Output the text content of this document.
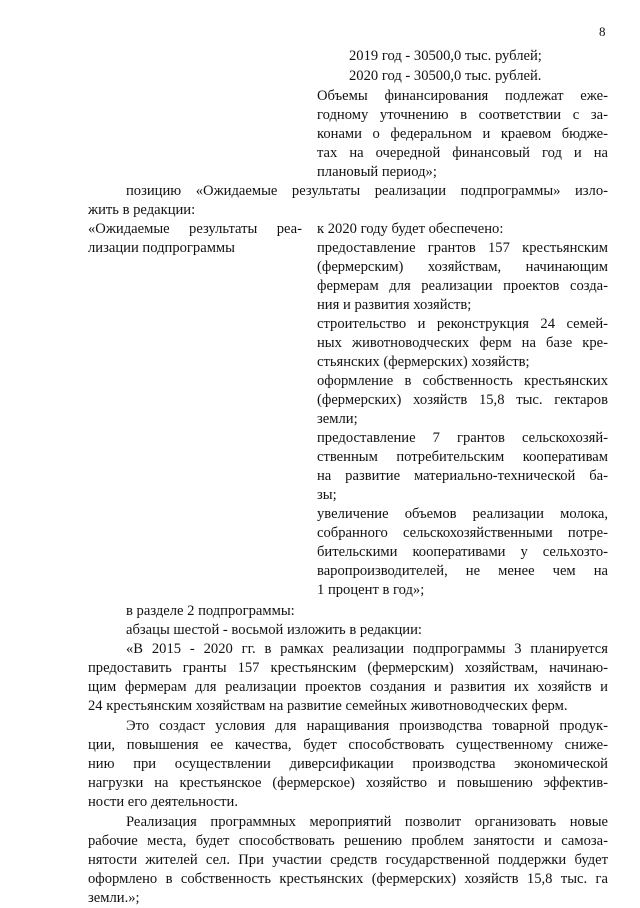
8
2019 год - 30500,0 тыс. рублей;
2020 год - 30500,0 тыс. рублей.
Объемы финансирования подлежат еже-
годному уточнению в соответствии с за-
конами о федеральном и краевом бюдже-
тах на очередной финансовый год и на
плановый период»;
позицию «Ожидаемые результаты реализации подпрограммы» изло-
жить в редакции:
«Ожидаемые результаты реа-
лизации подпрограммы
к 2020 году будет обеспечено:
предоставление грантов 157 крестьянским
(фермерским) хозяйствам, начинающим
фермерам для реализации проектов созда-
ния и развития хозяйств;
строительство и реконструкция 24 семей-
ных животноводческих ферм на базе кре-
стьянских (фермерских) хозяйств;
оформление в собственность крестьянских
(фермерских) хозяйств 15,8 тыс. гектаров
земли;
предоставление 7 грантов сельскохозяй-
ственным потребительским кооперативам
на развитие материально-технической ба-
зы;
увеличение объемов реализации молока,
собранного сельскохозяйственными потре-
бительскими кооперативами у сельхозто-
варопроизводителей, не менее чем на
1 процент в год»;
в разделе 2 подпрограммы:
абзацы шестой - восьмой изложить в редакции:
«В 2015 - 2020 гг. в рамках реализации подпрограммы 3 планируется
предоставить гранты 157 крестьянским (фермерским) хозяйствам, начинаю-
щим фермерам для реализации проектов создания и развития их хозяйств и
24 крестьянским хозяйствам на развитие семейных животноводческих ферм.
Это создаст условия для наращивания производства товарной продук-
ции, повышения ее качества, будет способствовать существенному сниже-
нию при осуществлении диверсификации производства экономической
нагрузки на крестьянское (фермерское) хозяйство и повышению эффектив-
ности его деятельности.
Реализация программных мероприятий позволит организовать новые
рабочие места, будет способствовать решению проблем занятости и самоза-
нятости жителей сел. При участии средств государственной поддержки будет
оформлено в собственность крестьянских (фермерских) хозяйств 15,8 тыс. га
земли.»;
